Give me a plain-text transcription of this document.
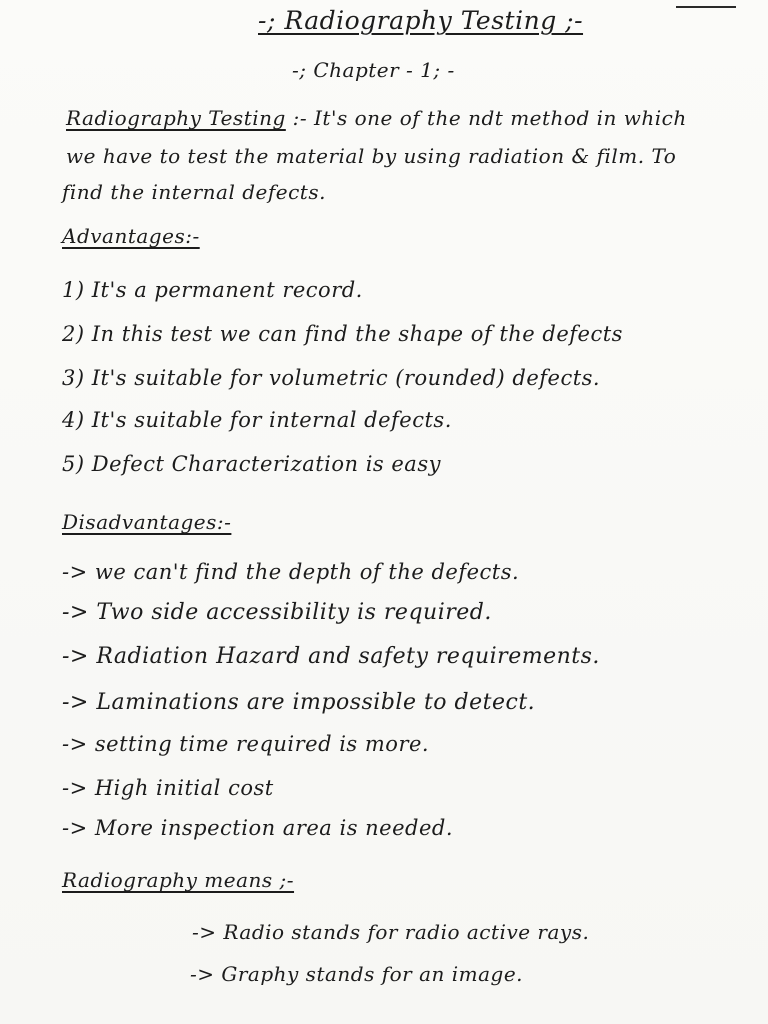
-; Radiography Testing ;-
-; Chapter - 1; -
Radiography Testing :- It's one of the ndt method in which
we have to test the material by using radiation & film. To
find the internal defects.
Advantages:-
1) It's a permanent record.
2) In this test we can find the shape of the defects
3) It's suitable for volumetric (rounded) defects.
4) It's suitable for internal defects.
5) Defect Characterization is easy
Disadvantages:-
-> we can't find the depth of the defects.
-> Two side accessibility is required.
-> Radiation Hazard and safety requirements.
-> Laminations are impossible to detect.
-> setting time required is more.
-> High initial cost
-> More inspection area is needed.
Radiography means ;-
-> Radio stands for radio active rays.
-> Graphy stands for an image.
